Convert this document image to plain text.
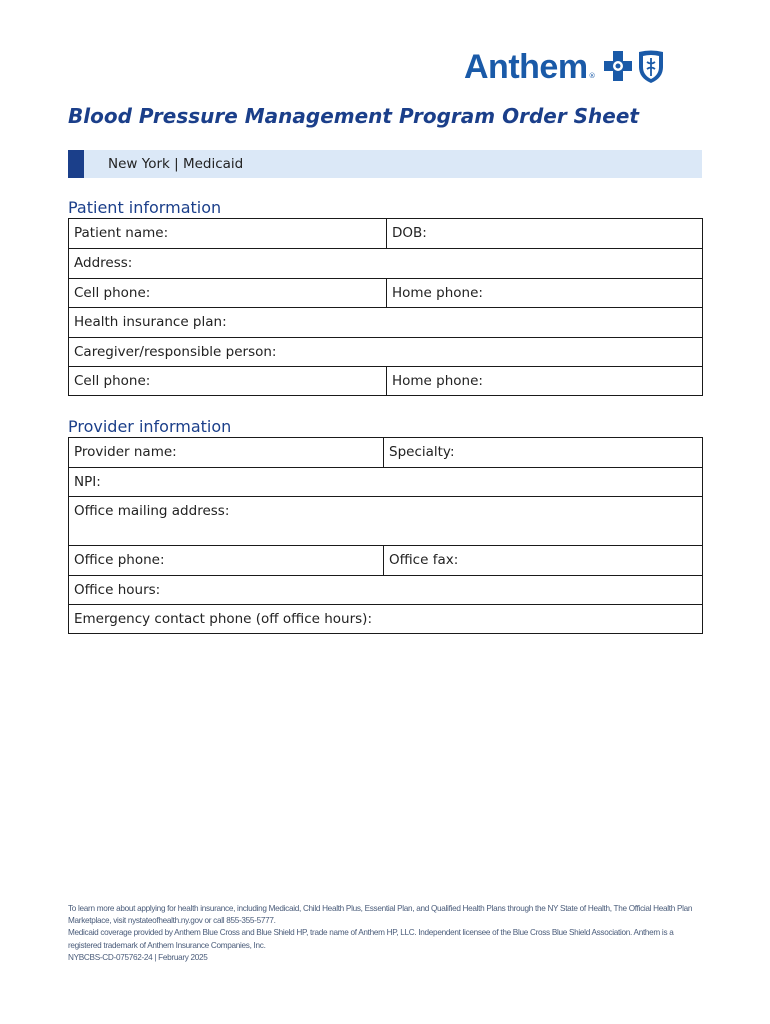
Anthem ®
Blood Pressure Management Program Order Sheet
New York | Medicaid
Patient information
Patient name:	DOB:
Address:	
Cell phone:	Home phone:
Health insurance plan:	
Caregiver/responsible person:	
Cell phone:	Home phone:
Provider information
Provider name:	Specialty:
NPI:	
Office mailing address:	
Office phone:	Office fax:
Office hours:	
Emergency contact phone (off office hours):	

To learn more about applying for health insurance, including Medicaid, Child Health Plus, Essential Plan, and Qualified Health Plans through the NY State of Health, The Official Health Plan Marketplace, visit nystateofhealth.ny.gov or call 855-355-5777.

Medicaid coverage provided by Anthem Blue Cross and Blue Shield HP, trade name of Anthem HP, LLC. Independent licensee of the Blue Cross Blue Shield Association. Anthem is a registered trademark of Anthem Insurance Companies, Inc.

NYBCBS-CD-075762-24 | February 2025
